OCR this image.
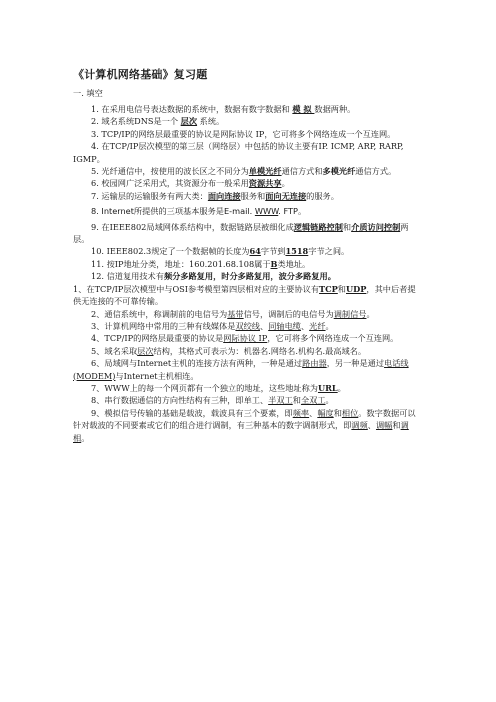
《计算机网络基础》复习题
一. 填空

1. 在采用电信号表达数据的系统中，数据有数字数据和 模 拟 数据两种。

2. 域名系统DNS是一个 层次 系统。

3. TCP/IP的网络层最重要的协议是网际协议 IP，它可将多个网络连成一个互连网。

4. 在TCP/IP层次模型的第三层（网络层）中包括的协议主要有IP. ICMP, ARP, RARP, IGMP。

5. 光纤通信中，按使用的波长区之不同分为单模光纤通信方式和多模光纤通信方式。

6. 校园网广泛采用式，其资源分布一般采用资源共享。

7. 运输层的运输服务有两大类：面向连接服务和面向无连接的服务。

8. Internet所提供的三项基本服务是E-mail. WWW. FTP。

9. 在IEEE802局域网体系结构中，数据链路层被细化成逻辑链路控制和介质访问控制两层。

10. IEEE802.3规定了一个数据帧的长度为64字节到1518字节之间。

11. 按IP地址分类，地址：160.201.68.108属于B类地址。

12. 信道复用技术有频分多路复用，时分多路复用，波分多路复用。

1、在TCP/IP层次模型中与OSI参考模型第四层相对应的主要协议有TCP和UDP，其中后者提供无连接的不可靠传输。

2、通信系统中，称调制前的电信号为基带信号，调制后的电信号为调制信号。

3、计算机网络中常用的三种有线媒体是双绞线、同轴电缆、光纤。

4、TCP/IP的网络层最重要的协议是网际协议 IP，它可将多个网络连成一个互连网。

5、域名采取层次结构，其格式可表示为：机器名.网络名.机构名.最高域名。

6、局域网与Internet主机的连接方法有两种，一种是通过路由器，另一种是通过电话线 (MODEM)与Internet主机相连。

7、WWW上的每一个网页都有一个独立的地址，这些地址称为URL。

8、串行数据通信的方向性结构有三种，即单工、半双工和全双工。

9、模拟信号传输的基础是载波，载波具有三个要素，即频率、幅度和相位。数字数据可以针对载波的不同要素或它们的组合进行调制，有三种基本的数字调制形式，即调频、调幅和调相。
